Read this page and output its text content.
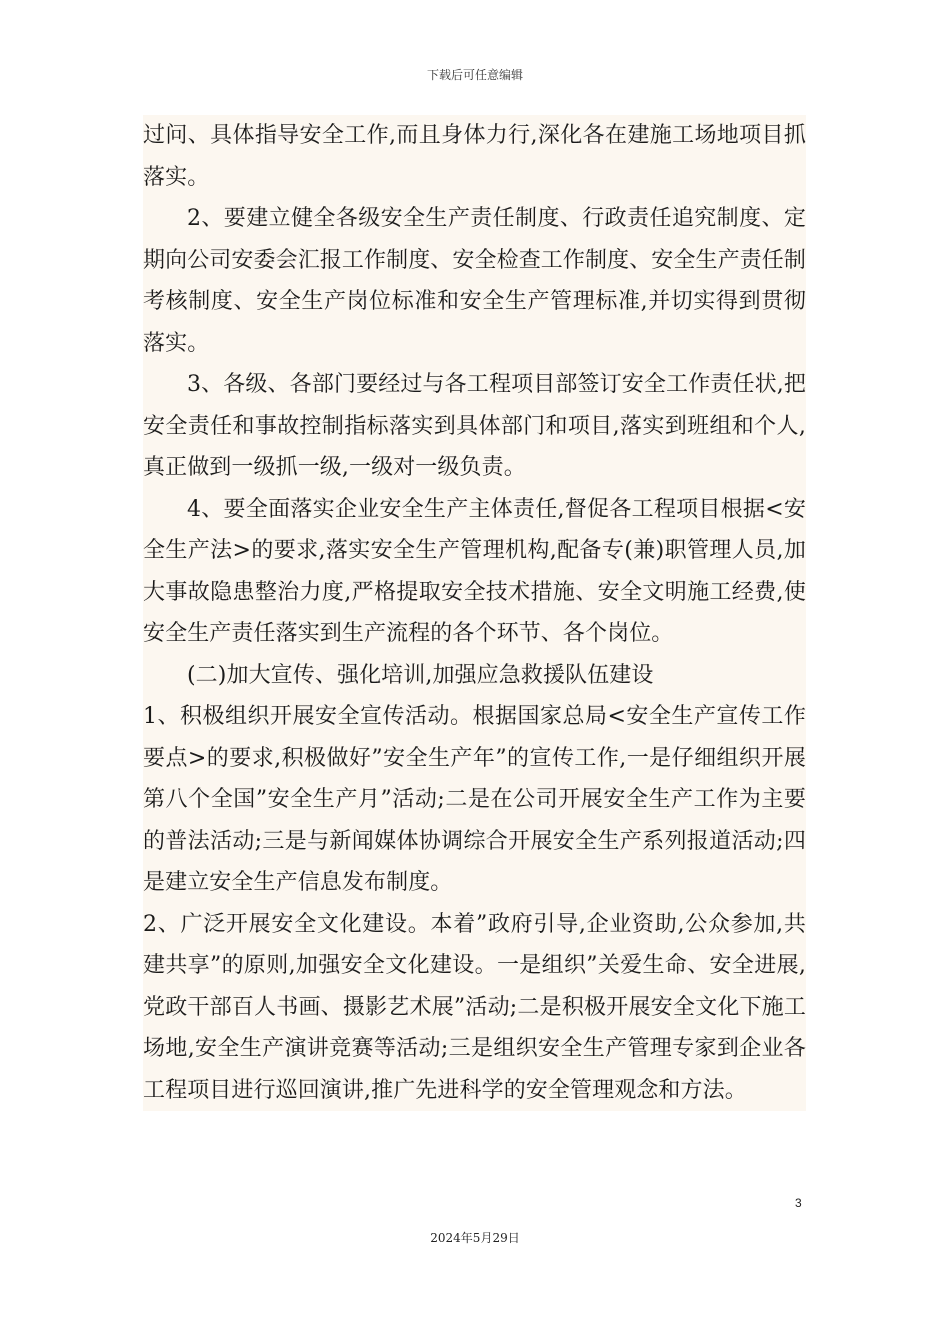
下载后可任意编辑

过问、具体指导安全工作,而且身体力行,深化各在建施工场地项目抓落实。

2、要建立健全各级安全生产责任制度、行政责任追究制度、定期向公司安委会汇报工作制度、安全检查工作制度、安全生产责任制考核制度、安全生产岗位标准和安全生产管理标准,并切实得到贯彻落实。

3、各级、各部门要经过与各工程项目部签订安全工作责任状,把安全责任和事故控制指标落实到具体部门和项目,落实到班组和个人,真正做到一级抓一级,一级对一级负责。

4、要全面落实企业安全生产主体责任,督促各工程项目根据<安全生产法>的要求,落实安全生产管理机构,配备专(兼)职管理人员,加大事故隐患整治力度,严格提取安全技术措施、安全文明施工经费,使安全生产责任落实到生产流程的各个环节、各个岗位。

(二)加大宣传、强化培训,加强应急救援队伍建设

1、积极组织开展安全宣传活动。根据国家总局<安全生产宣传工作要点>的要求,积极做好”安全生产年”的宣传工作,一是仔细组织开展第八个全国”安全生产月”活动;二是在公司开展安全生产工作为主要的普法活动;三是与新闻媒体协调综合开展安全生产系列报道活动;四是建立安全生产信息发布制度。

2、广泛开展安全文化建设。本着”政府引导,企业资助,公众参加,共建共享”的原则,加强安全文化建设。一是组织”关爱生命、安全进展,党政干部百人书画、摄影艺术展”活动;二是积极开展安全文化下施工场地,安全生产演讲竞赛等活动;三是组织安全生产管理专家到企业各工程项目进行巡回演讲,推广先进科学的安全管理观念和方法。

3
2024年5月29日
